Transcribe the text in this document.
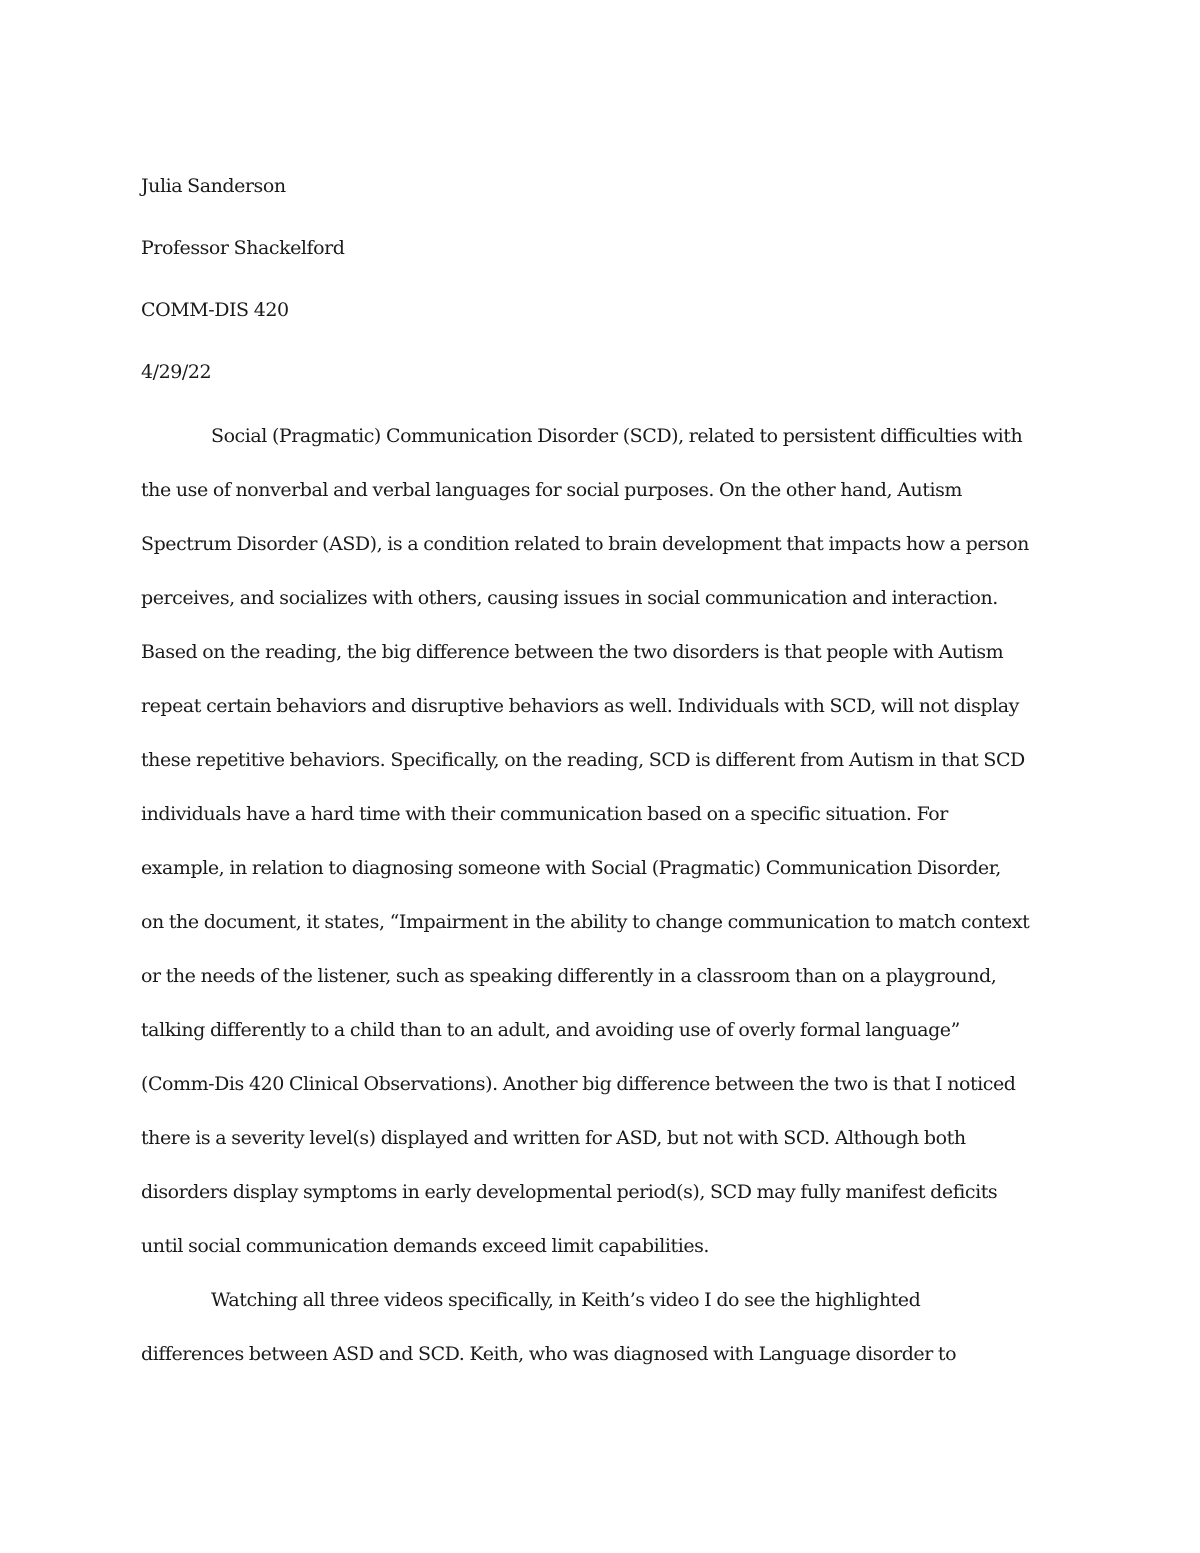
Julia Sanderson
Professor Shackelford
COMM-DIS 420
4/29/22
Social (Pragmatic) Communication Disorder (SCD), related to persistent difficulties with
the use of nonverbal and verbal languages for social purposes. On the other hand, Autism
Spectrum Disorder (ASD), is a condition related to brain development that impacts how a person
perceives, and socializes with others, causing issues in social communication and interaction.
Based on the reading, the big difference between the two disorders is that people with Autism
repeat certain behaviors and disruptive behaviors as well. Individuals with SCD, will not display
these repetitive behaviors. Specifically, on the reading, SCD is different from Autism in that SCD
individuals have a hard time with their communication based on a specific situation. For
example, in relation to diagnosing someone with Social (Pragmatic) Communication Disorder,
on the document, it states, “Impairment in the ability to change communication to match context
or the needs of the listener, such as speaking differently in a classroom than on a playground,
talking differently to a child than to an adult, and avoiding use of overly formal language”
(Comm-Dis 420 Clinical Observations). Another big difference between the two is that I noticed
there is a severity level(s) displayed and written for ASD, but not with SCD. Although both
disorders display symptoms in early developmental period(s), SCD may fully manifest deficits
until social communication demands exceed limit capabilities.
Watching all three videos specifically, in Keith’s video I do see the highlighted
differences between ASD and SCD. Keith, who was diagnosed with Language disorder to
